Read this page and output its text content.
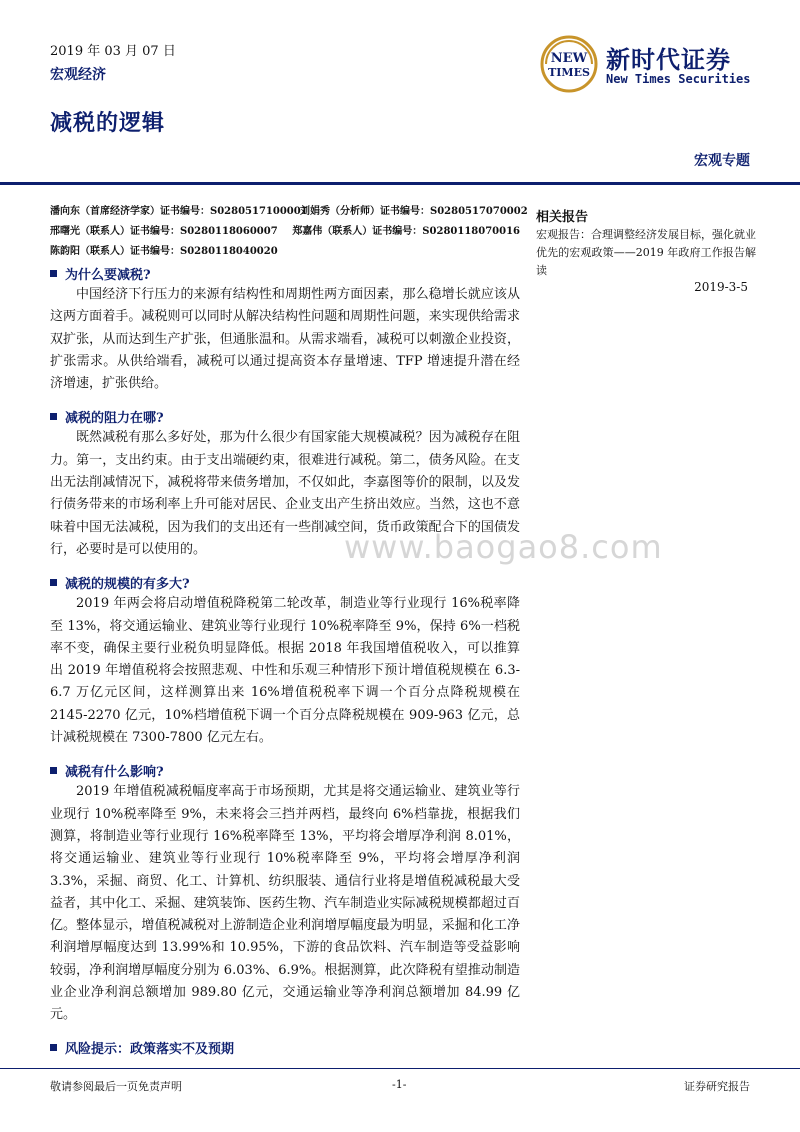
2019 年 03 月 07 日
宏观经济
减税的逻辑
宏观专题
NEW
TIMES 新时代证券
New Times Securities
潘向东（首席经济学家）证书编号：S0280517100001
刘娟秀（分析师）证书编号：S0280517070002
邢曙光（联系人）证书编号：S0280118060007	郑嘉伟（联系人）证书编号：S0280118070016
陈韵阳（联系人）证书编号：S0280118040020
相关报告
宏观报告：合理调整经济发展目标，强化就业优先的宏观政策——2019 年政府工作报告解读
2019-3-5
www.baogao8.com
为什么要减税?

中国经济下行压力的来源有结构性和周期性两方面因素，那么稳增长就应该从这两方面着手。减税则可以同时从解决结构性问题和周期性问题，来实现供给需求双扩张，从而达到生产扩张，但通胀温和。从需求端看，减税可以刺激企业投资，扩张需求。从供给端看，减税可以通过提高资本存量增速、TFP 增速提升潜在经济增速，扩张供给。

减税的阻力在哪?

既然减税有那么多好处，那为什么很少有国家能大规模减税？因为减税存在阻力。第一，支出约束。由于支出端硬约束，很难进行减税。第二，债务风险。在支出无法削减情况下，减税将带来债务增加，不仅如此，李嘉图等价的限制，以及发行债务带来的市场利率上升可能对居民、企业支出产生挤出效应。当然，这也不意味着中国无法减税，因为我们的支出还有一些削减空间，货币政策配合下的国债发行，必要时是可以使用的。

减税的规模的有多大?

2019 年两会将启动增值税降税第二轮改革，制造业等行业现行 16%税率降至 13%，将交通运输业、建筑业等行业现行 10%税率降至 9%，保持 6%一档税率不变，确保主要行业税负明显降低。根据 2018 年我国增值税收入，可以推算出 2019 年增值税将会按照悲观、中性和乐观三种情形下预计增值税规模在 6.3-6.7 万亿元区间，这样测算出来 16%增值税税率下调一个百分点降税规模在 2145-2270 亿元，10%档增值税下调一个百分点降税规模在 909-963 亿元，总计减税规模在 7300-7800 亿元左右。

减税有什么影响?

2019 年增值税减税幅度率高于市场预期，尤其是将交通运输业、建筑业等行业现行 10%税率降至 9%，未来将会三挡并两档，最终向 6%档靠拢，根据我们测算，将制造业等行业现行 16%税率降至 13%，平均将会增厚净利润 8.01%，将交通运输业、建筑业等行业现行 10%税率降至 9%，平均将会增厚净利润 3.3%，采掘、商贸、化工、计算机、纺织服装、通信行业将是增值税减税最大受益者，其中化工、采掘、建筑装饰、医药生物、汽车制造业实际减税规模都超过百亿。整体显示，增值税减税对上游制造企业利润增厚幅度最为明显，采掘和化工净利润增厚幅度达到 13.99%和 10.95%，下游的食品饮料、汽车制造等受益影响较弱，净利润增厚幅度分别为 6.03%、6.9%。根据测算，此次降税有望推动制造业企业净利润总额增加 989.80 亿元，交通运输业等净利润总额增加 84.99 亿元。

风险提示：政策落实不及预期
敬请参阅最后一页免责声明	-1-	证券研究报告
